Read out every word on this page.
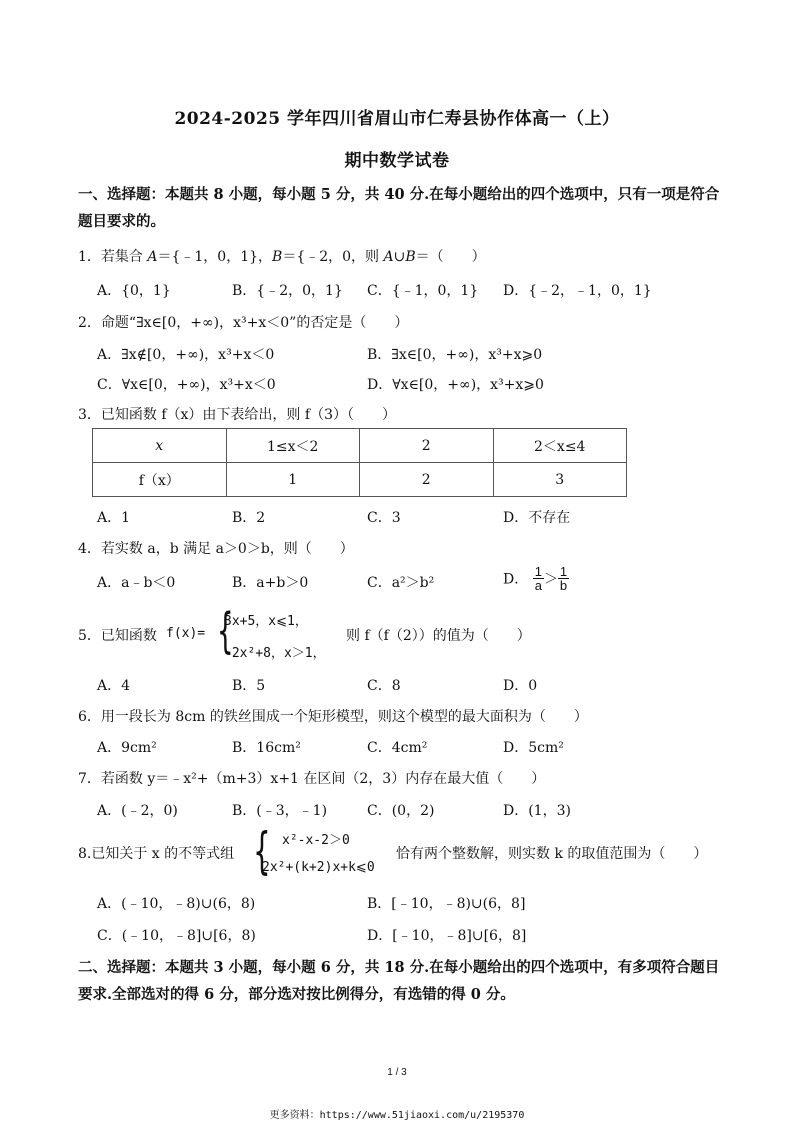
2024-2025 学年四川省眉山市仁寿县协作体高一（上）
期中数学试卷
一、选择题：本题共 8 小题，每小题 5 分，共 40 分.在每小题给出的四个选项中，只有一项是符合题目要求的。
1．若集合 A＝{﹣1，0，1}，B＝{﹣2，0，则 A∪B＝（　　）
A．{0，1}	B．{﹣2，0，1} C．{﹣1，0，1} D．{﹣2，﹣1，0，1}
2．命题“∃x∈[0，+∞)，x³+x＜0”的否定是（　　）
A．∃x∉[0，+∞)，x³+x＜0	B．∃x∈[0，+∞)，x³+x⩾0
C．∀x∈[0，+∞)，x³+x＜0	D．∀x∈[0，+∞)，x³+x⩾0
3．已知函数 f（x）由下表给出，则 f（3）（　　）
x	1≤x＜2	2	2＜x≤4
f（x）	1	2	3
A．1	B．2	C．3	D．不存在
4．若实数 a，b 满足 a＞0＞b，则（　　）
A．a﹣b＜0	B．a+b＞0	C．a²＞b²	D． $\frac{1}{a} > \frac{1}{b}$
5．已知函数 f(x)= {
3x+5，x⩽1，
-2x²+8，x＞1，
则 f（f（2））的值为（　　）
A．4	B．5	C．8	D．0
6．用一段长为 8cm 的铁丝围成一个矩形模型，则这个模型的最大面积为（　　）
A．9cm²	B．16cm²	C．4cm²	D．5cm²
7．若函数 y＝﹣x²+（m+3）x+1 在区间（2，3）内存在最大值（　　）
A．(﹣2，0)	B．(﹣3，﹣1)	C．(0，2)	D．(1，3)
8.已知关于 x 的不等式组 { x²-x-2＞0
2x²+(k+2)x+k⩽0
恰有两个整数解，则实数 k 的取值范围为（　　）
A．(﹣10，﹣8)∪(6，8)	B．[﹣10，﹣8)∪(6，8]
C．(﹣10，﹣8]∪[6，8)	D．[﹣10，﹣8]∪[6，8]
二、选择题：本题共 3 小题，每小题 6 分，共 18 分.在每小题给出的四个选项中，有多项符合题目要求.全部选对的得 6 分，部分选对按比例得分，有选错的得 0 分。
1 / 3
更多资料：https://www.51jiaoxi.com/u/2195370
